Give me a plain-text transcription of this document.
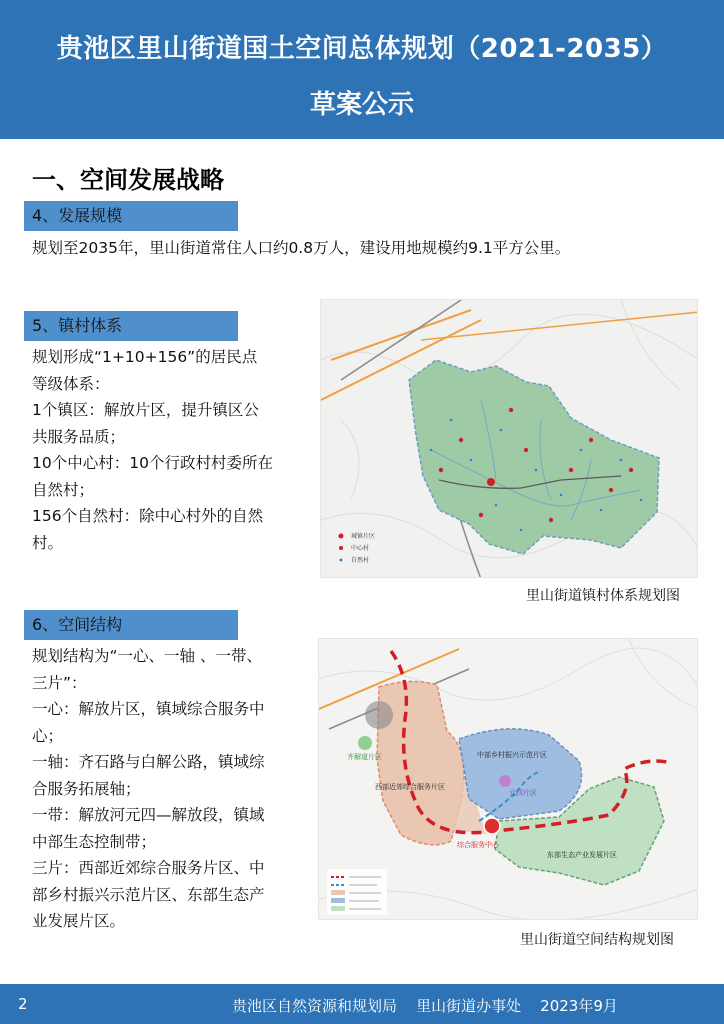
贵池区里山街道国土空间总体规划（2021-2035）
草案公示
一、空间发展战略
4、发展规模
规划至2035年，里山街道常住人口约0.8万人，建设用地规模约9.1平方公里。
5、镇村体系
规划形成“1+10+156”的居民点
等级体系：
1个镇区：解放片区，提升镇区公
共服务品质；
10个中心村：10个行政村村委所在
自然村；
156个自然村：除中心村外的自然
村。	城镇片区
中心村
自然村
里山街道镇村体系规划图
6、空间结构
规划结构为“一心、一轴 、一带、
三片”：
一心：解放片区，镇域综合服务中
心；
一轴：齐石路与白解公路，镇域综
合服务拓展轴；
一带：解放河元四—解放段，镇域
中部生态控制带；
三片：西部近郊综合服务片区、中
部乡村振兴示范片区、东部生态产
业发展片区。
西部近郊综合服务片区
中部乡村振兴示范片区
东部生态产业发展片区
综合服务中心
元四片区
齐解道片区
里山街道空间结构规划图
2	贵池区自然资源和规划局    里山街道办事处    2023年9月
